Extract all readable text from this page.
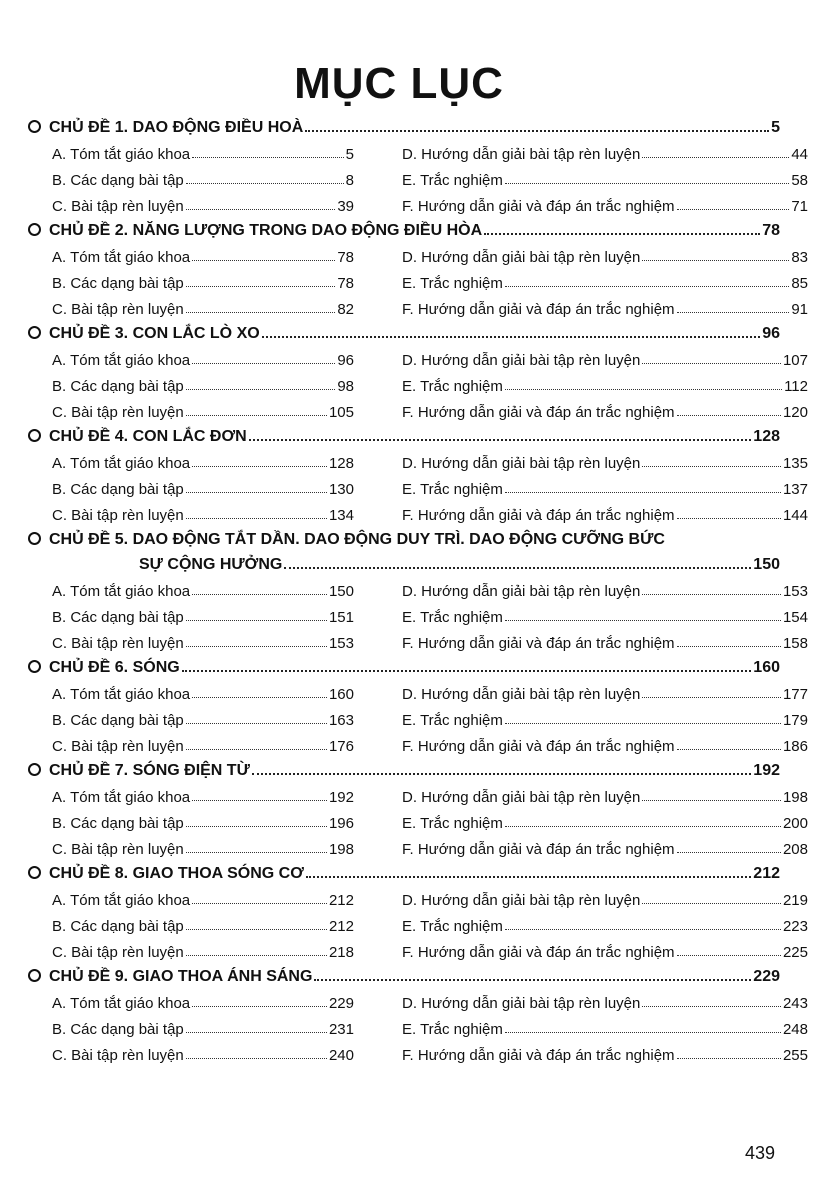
MỤC LỤC
CHỦ ĐỀ 1. DAO ĐỘNG ĐIỀU HOÀ	5
A. Tóm tắt giáo khoa	5	D. Hướng dẫn giải bài tập rèn luyện	44
B. Các dạng bài tập	8	E. Trắc nghiệm	58
C. Bài tập rèn luyện	39	F. Hướng dẫn giải và đáp án trắc nghiệm	71
CHỦ ĐỀ 2. NĂNG LƯỢNG TRONG DAO ĐỘNG ĐIỀU HÒA	78
A. Tóm tắt giáo khoa	78	D. Hướng dẫn giải bài tập rèn luyện	83
B. Các dạng bài tập	78	E. Trắc nghiệm	85
C. Bài tập rèn luyện	82	F. Hướng dẫn giải và đáp án trắc nghiệm	91
CHỦ ĐỀ 3. CON LẮC LÒ XO	96
A. Tóm tắt giáo khoa	96	D. Hướng dẫn giải bài tập rèn luyện	107
B. Các dạng bài tập	98	E. Trắc nghiệm	112
C. Bài tập rèn luyện	105	F. Hướng dẫn giải và đáp án trắc nghiệm	120
CHỦ ĐỀ 4. CON LẮC ĐƠN	128
A. Tóm tắt giáo khoa	128	D. Hướng dẫn giải bài tập rèn luyện	135
B. Các dạng bài tập	130	E. Trắc nghiệm	137
C. Bài tập rèn luyện	134	F. Hướng dẫn giải và đáp án trắc nghiệm	144
CHỦ ĐỀ 5. DAO ĐỘNG TẮT DẦN. DAO ĐỘNG DUY TRÌ. DAO ĐỘNG CƯỠNG BỨC
SỰ CỘNG HƯỞNG	150
A. Tóm tắt giáo khoa	150	D. Hướng dẫn giải bài tập rèn luyện	153
B. Các dạng bài tập	151	E. Trắc nghiệm	154
C. Bài tập rèn luyện	153	F. Hướng dẫn giải và đáp án trắc nghiệm	158
CHỦ ĐỀ 6. SÓNG	160
A. Tóm tắt giáo khoa	160	D. Hướng dẫn giải bài tập rèn luyện	177
B. Các dạng bài tập	163	E. Trắc nghiệm	179
C. Bài tập rèn luyện	176	F. Hướng dẫn giải và đáp án trắc nghiệm	186
CHỦ ĐỀ 7. SÓNG ĐIỆN TỪ	192
A. Tóm tắt giáo khoa	192	D. Hướng dẫn giải bài tập rèn luyện	198
B. Các dạng bài tập	196	E. Trắc nghiệm	200
C. Bài tập rèn luyện	198	F. Hướng dẫn giải và đáp án trắc nghiệm	208
CHỦ ĐỀ 8. GIAO THOA SÓNG CƠ	212
A. Tóm tắt giáo khoa	212	D. Hướng dẫn giải bài tập rèn luyện	219
B. Các dạng bài tập	212	E. Trắc nghiệm	223
C. Bài tập rèn luyện	218	F. Hướng dẫn giải và đáp án trắc nghiệm	225
CHỦ ĐỀ 9. GIAO THOA ÁNH SÁNG	229
A. Tóm tắt giáo khoa	229	D. Hướng dẫn giải bài tập rèn luyện	243
B. Các dạng bài tập	231	E. Trắc nghiệm	248
C. Bài tập rèn luyện	240	F. Hướng dẫn giải và đáp án trắc nghiệm	255
439
